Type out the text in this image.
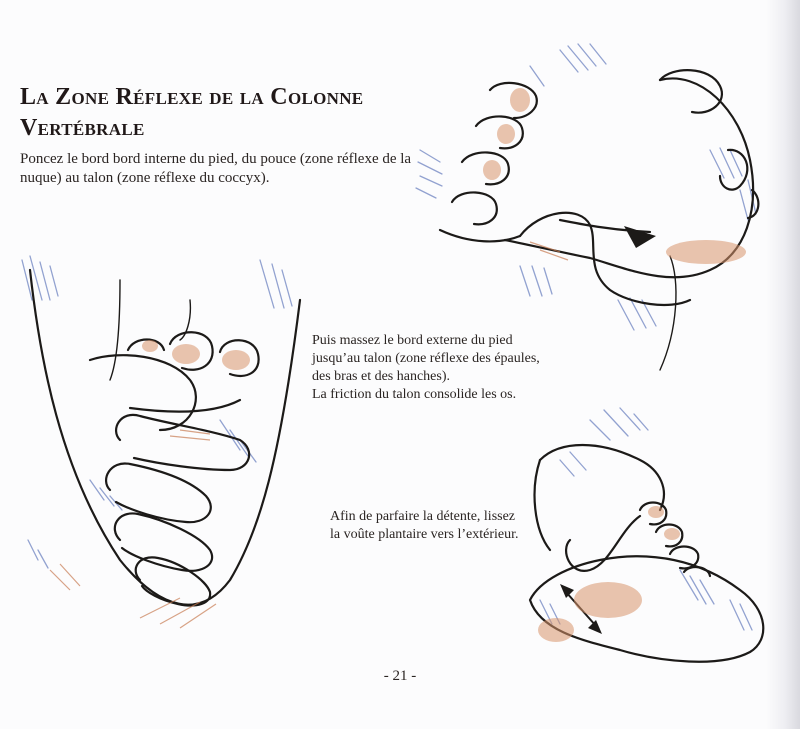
La Zone Réflexe de la Colonne
Vertébrale

Poncez le bord bord interne du pied, du pouce (zone réflexe de la nuque) au talon (zone réflexe du coccyx).

Puis massez le bord externe du pied
jusqu’au talon (zone réflexe des épaules,
des bras et des hanches).
La friction du talon consolide les os.

Afin de parfaire la détente, lissez
la voûte plantaire vers l’extérieur.

- 21 -
